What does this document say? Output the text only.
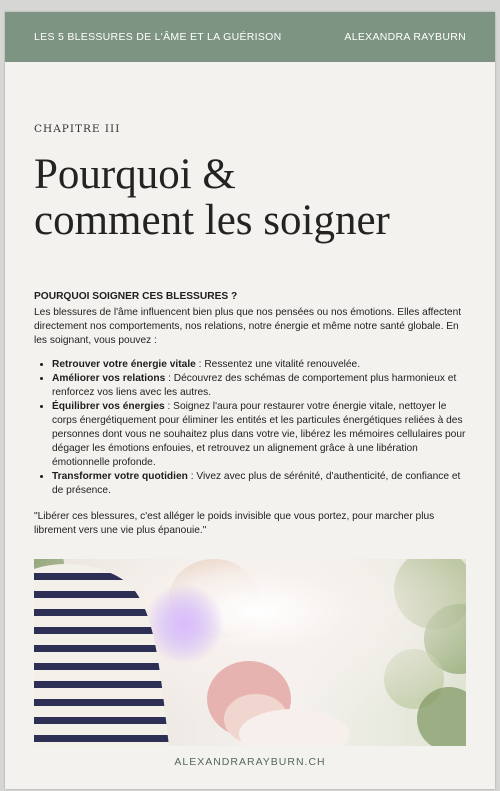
LES 5 BLESSURES DE L'ÂME ET LA GUÉRISON	ALEXANDRA RAYBURN
CHAPITRE III
Pourquoi &
comment les soigner

POURQUOI SOIGNER CES BLESSURES ?

Les blessures de l'âme influencent bien plus que nos pensées ou nos émotions. Elles affectent directement nos comportements, nos relations, notre énergie et même notre santé globale. En les soignant, vous pouvez :

• Retrouver votre énergie vitale : Ressentez une vitalité renouvelée.
• Améliorer vos relations : Découvrez des schémas de comportement plus harmonieux et renforcez vos liens avec les autres.
• Équilibrer vos énergies : Soignez l'aura pour restaurer votre énergie vitale, nettoyer le corps énergétiquement pour éliminer les entités et les particules énergétiques reliées à des personnes dont vous ne souhaitez plus dans votre vie, libérez les mémoires cellulaires pour dégager les émotions enfouies, et retrouvez un alignement grâce à une libération émotionnelle profonde.
• Transformer votre quotidien : Vivez avec plus de sérénité, d'authenticité, de confiance et de présence.

"Libérer ces blessures, c'est alléger le poids invisible que vous portez, pour marcher plus librement vers une vie plus épanouie."

ALEXANDRARAYBURN.CH
